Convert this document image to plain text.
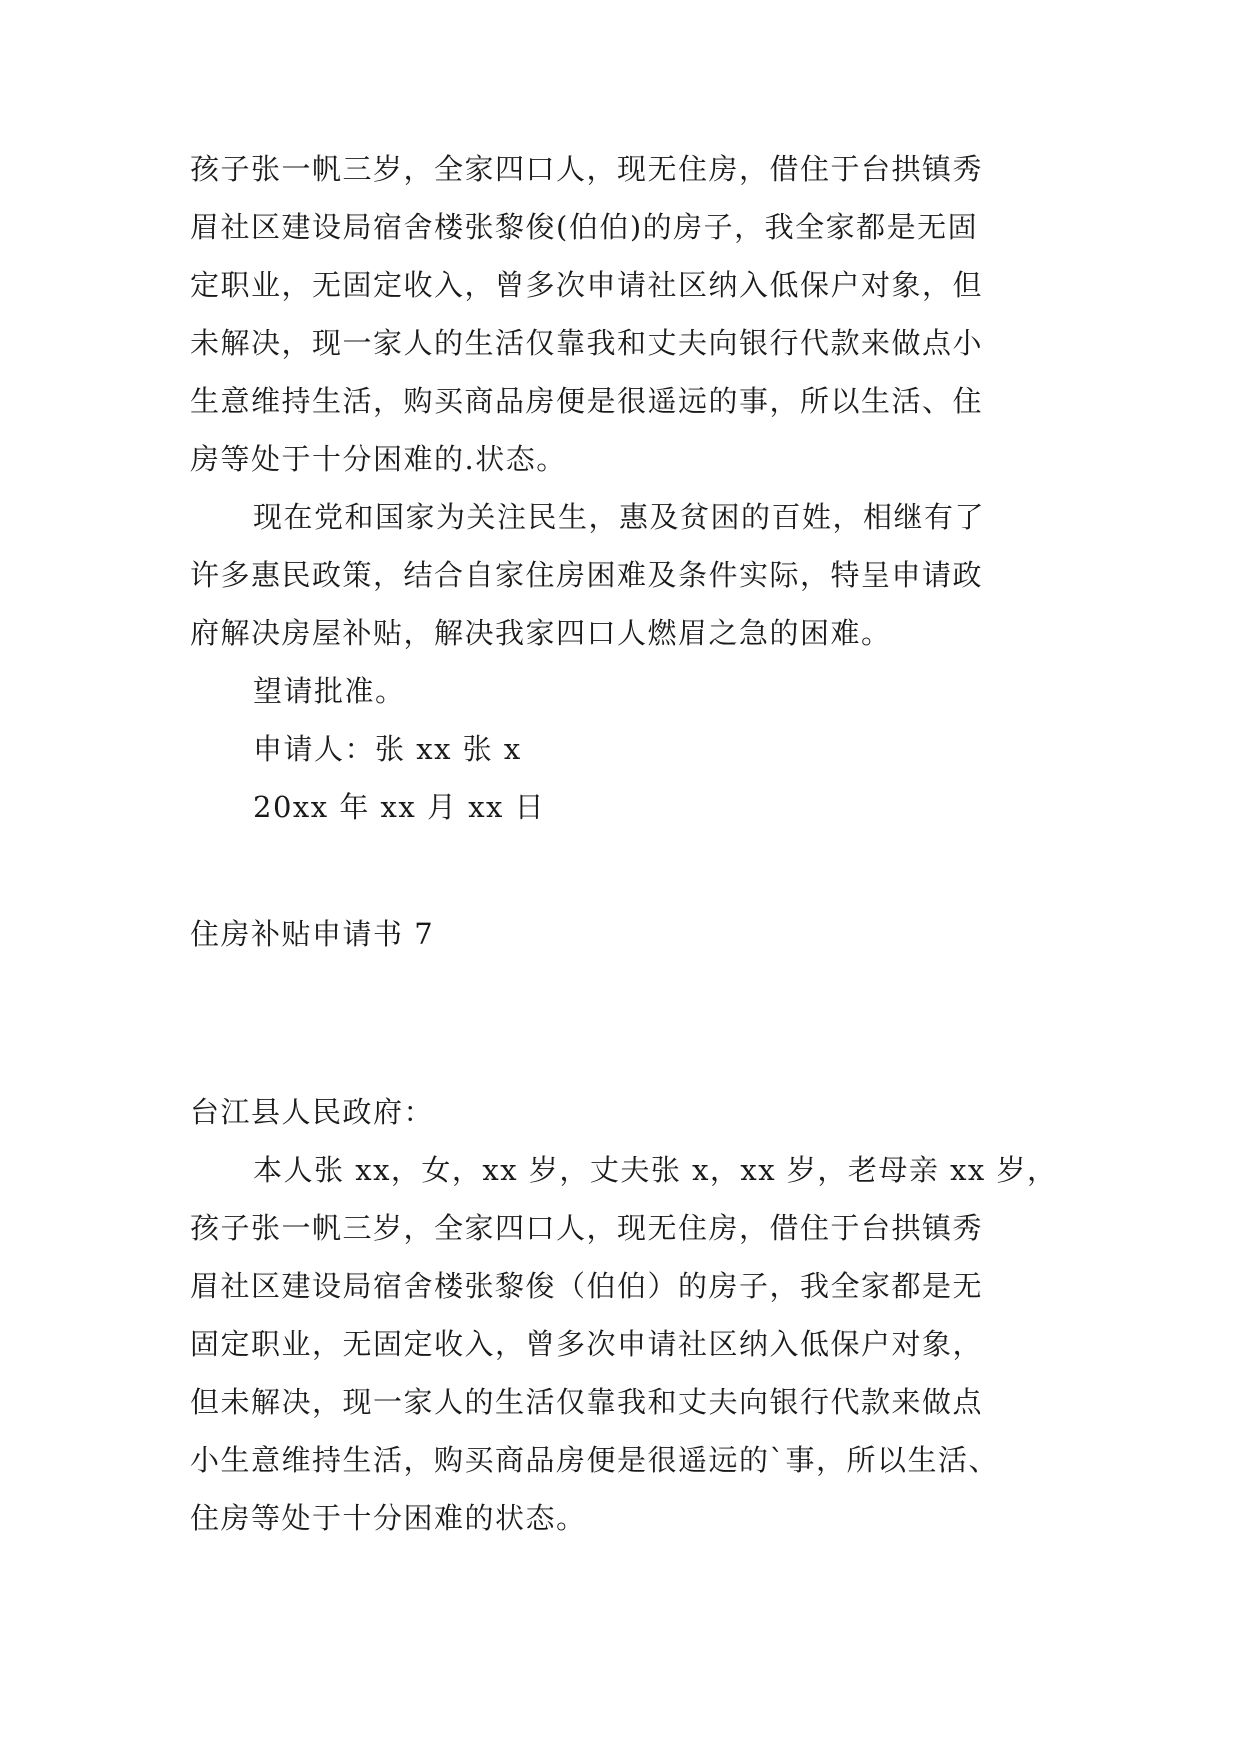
孩子张一帆三岁，全家四口人，现无住房，借住于台拱镇秀
眉社区建设局宿舍楼张黎俊(伯伯)的房子，我全家都是无固
定职业，无固定收入，曾多次申请社区纳入低保户对象，但
未解决，现一家人的生活仅靠我和丈夫向银行代款来做点小
生意维持生活，购买商品房便是很遥远的事，所以生活、住
房等处于十分困难的.状态。
现在党和国家为关注民生，惠及贫困的百姓，相继有了
许多惠民政策，结合自家住房困难及条件实际，特呈申请政
府解决房屋补贴，解决我家四口人燃眉之急的困难。
望请批准。
申请人：张 xx 张 x
20xx 年 xx 月 xx 日
住房补贴申请书 7
台江县人民政府：
本人张 xx，女，xx 岁，丈夫张 x，xx 岁，老母亲 xx 岁，
孩子张一帆三岁，全家四口人，现无住房，借住于台拱镇秀
眉社区建设局宿舍楼张黎俊（伯伯）的房子，我全家都是无
固定职业，无固定收入，曾多次申请社区纳入低保户对象，
但未解决，现一家人的生活仅靠我和丈夫向银行代款来做点
小生意维持生活，购买商品房便是很遥远的`事，所以生活、
住房等处于十分困难的状态。
